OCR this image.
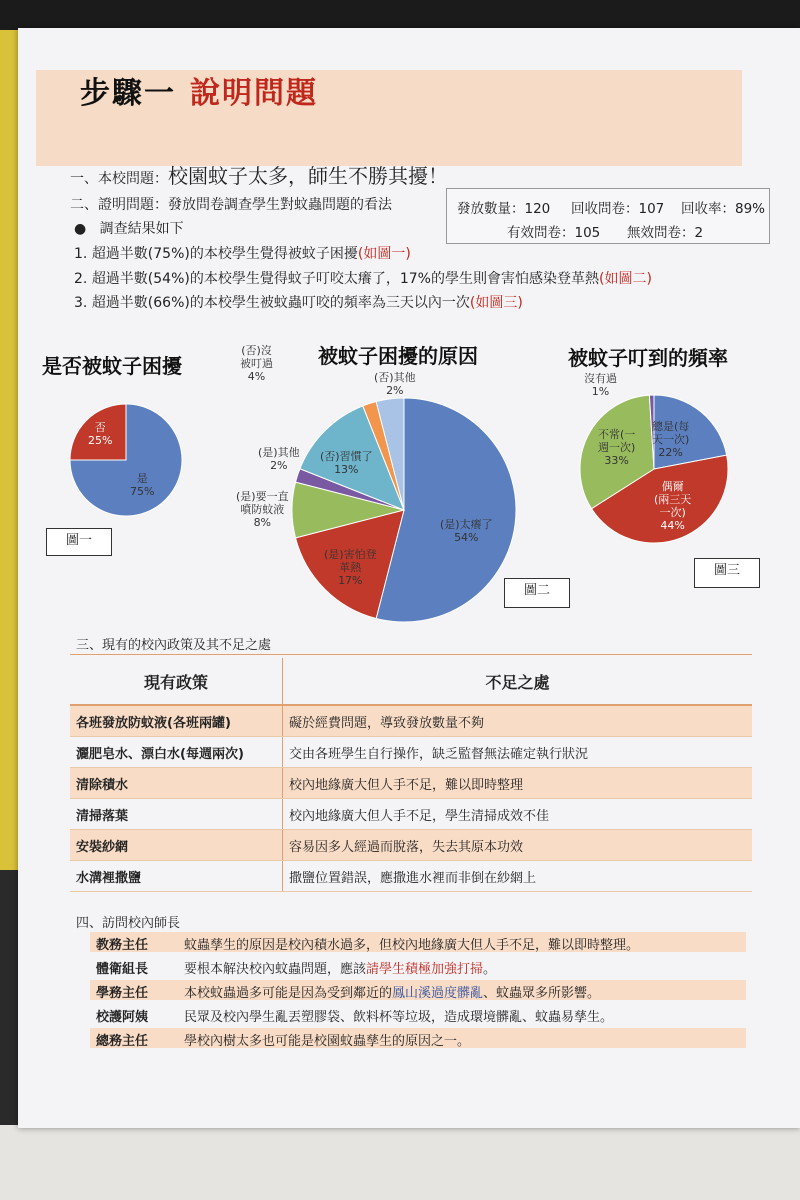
步驟一 說明問題
一、本校問題：校園蚊子太多，師生不勝其擾！
二、證明問題：發放問卷調查學生對蚊蟲問題的看法
● 調查結果如下
1. 超過半數(75%)的本校學生覺得被蚊子困擾(如圖一)
2. 超過半數(54%)的本校學生覺得蚊子叮咬太癢了，17%的學生則會害怕感染登革熱(如圖二)
3. 超過半數(66%)的本校學生被蚊蟲叮咬的頻率為三天以內一次(如圖三)
發放數量：120 回收問卷：107 回收率：89%
有效問卷：105 無效問卷：2
是否被蚊子困擾	被蚊子困擾的原因	被蚊子叮到的頻率
否
25%
是
75%
圖一
(否)沒
被叮過
4%	(否)其他
2%
(否)習慣了
13%
(是)其他
2%
(是)要一直
噴防蚊液
8%
(是)害怕登
革熱
17%
(是)太癢了
54%
圖二
沒有過
1%
總是(每
天一次)
22%
不常(一
週一次)
33%
偶爾
(兩三天
一次)
44%
圖三
三、現有的校內政策及其不足之處
現有政策	不足之處
各班發放防蚊液(各班兩罐)	礙於經費問題，導致發放數量不夠
灑肥皂水、漂白水(每週兩次)	交由各班學生自行操作，缺乏監督無法確定執行狀況
清除積水	校內地緣廣大但人手不足，難以即時整理
清掃落葉	校內地緣廣大但人手不足，學生清掃成效不佳
安裝紗網	容易因多人經過而脫落，失去其原本功效
水溝裡撒鹽	撒鹽位置錯誤，應撒進水裡而非倒在紗網上
四、訪問校內師長
教務主任	蚊蟲孳生的原因是校內積水過多，但校內地緣廣大但人手不足，難以即時整理。
體衛組長	要根本解決校內蚊蟲問題，應該請學生積極加強打掃。
學務主任	本校蚊蟲過多可能是因為受到鄰近的鳳山溪過度髒亂、蚊蟲眾多所影響。
校護阿姨	民眾及校內學生亂丟塑膠袋、飲料杯等垃圾，造成環境髒亂、蚊蟲易孳生。
總務主任	學校內樹太多也可能是校園蚊蟲孳生的原因之一。
